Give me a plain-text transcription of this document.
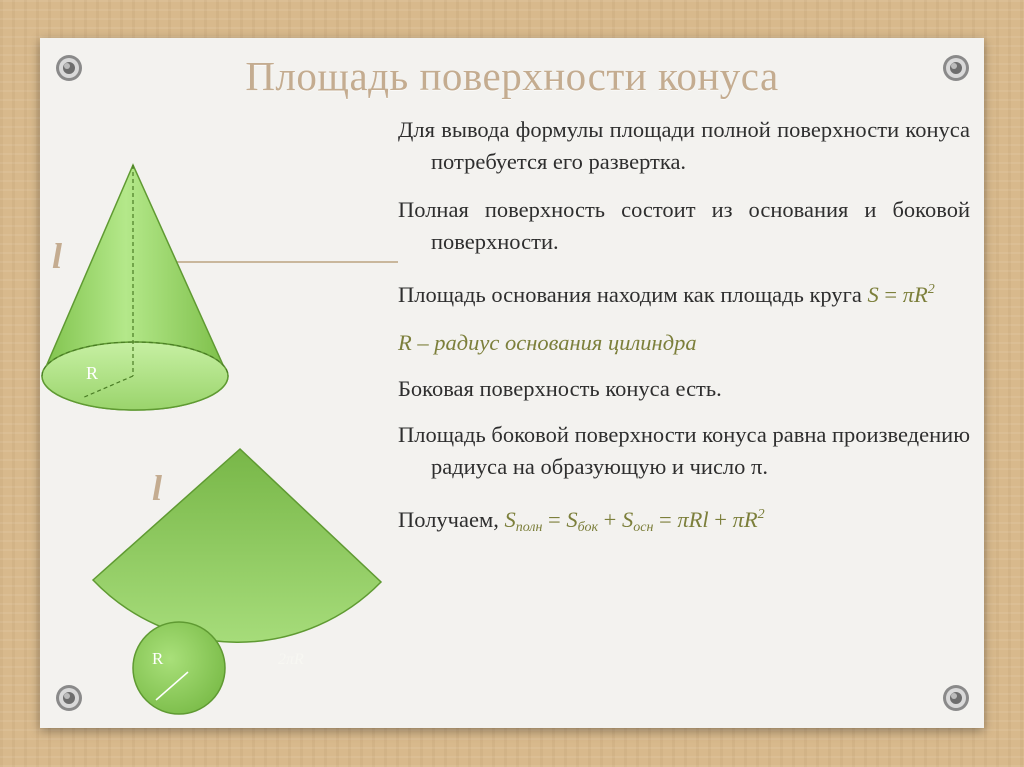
Площадь поверхности конуса
R
l
l
R	2πR

Для вывода формулы площади полной поверхности конуса потребуется его развертка.

Полная поверхность состоит из основания и боковой поверхности.

Площадь основания находим как площадь круга $S = \pi R^2$

R – радиус основания цилиндра

Боковая поверхность конуса есть.

Площадь боковой поверхности конуса равна произведению радиуса на образующую и число π.

Получаем, $S_{полн} = S_{бок} + S_{осн} = \pi Rl + \pi R^2$
